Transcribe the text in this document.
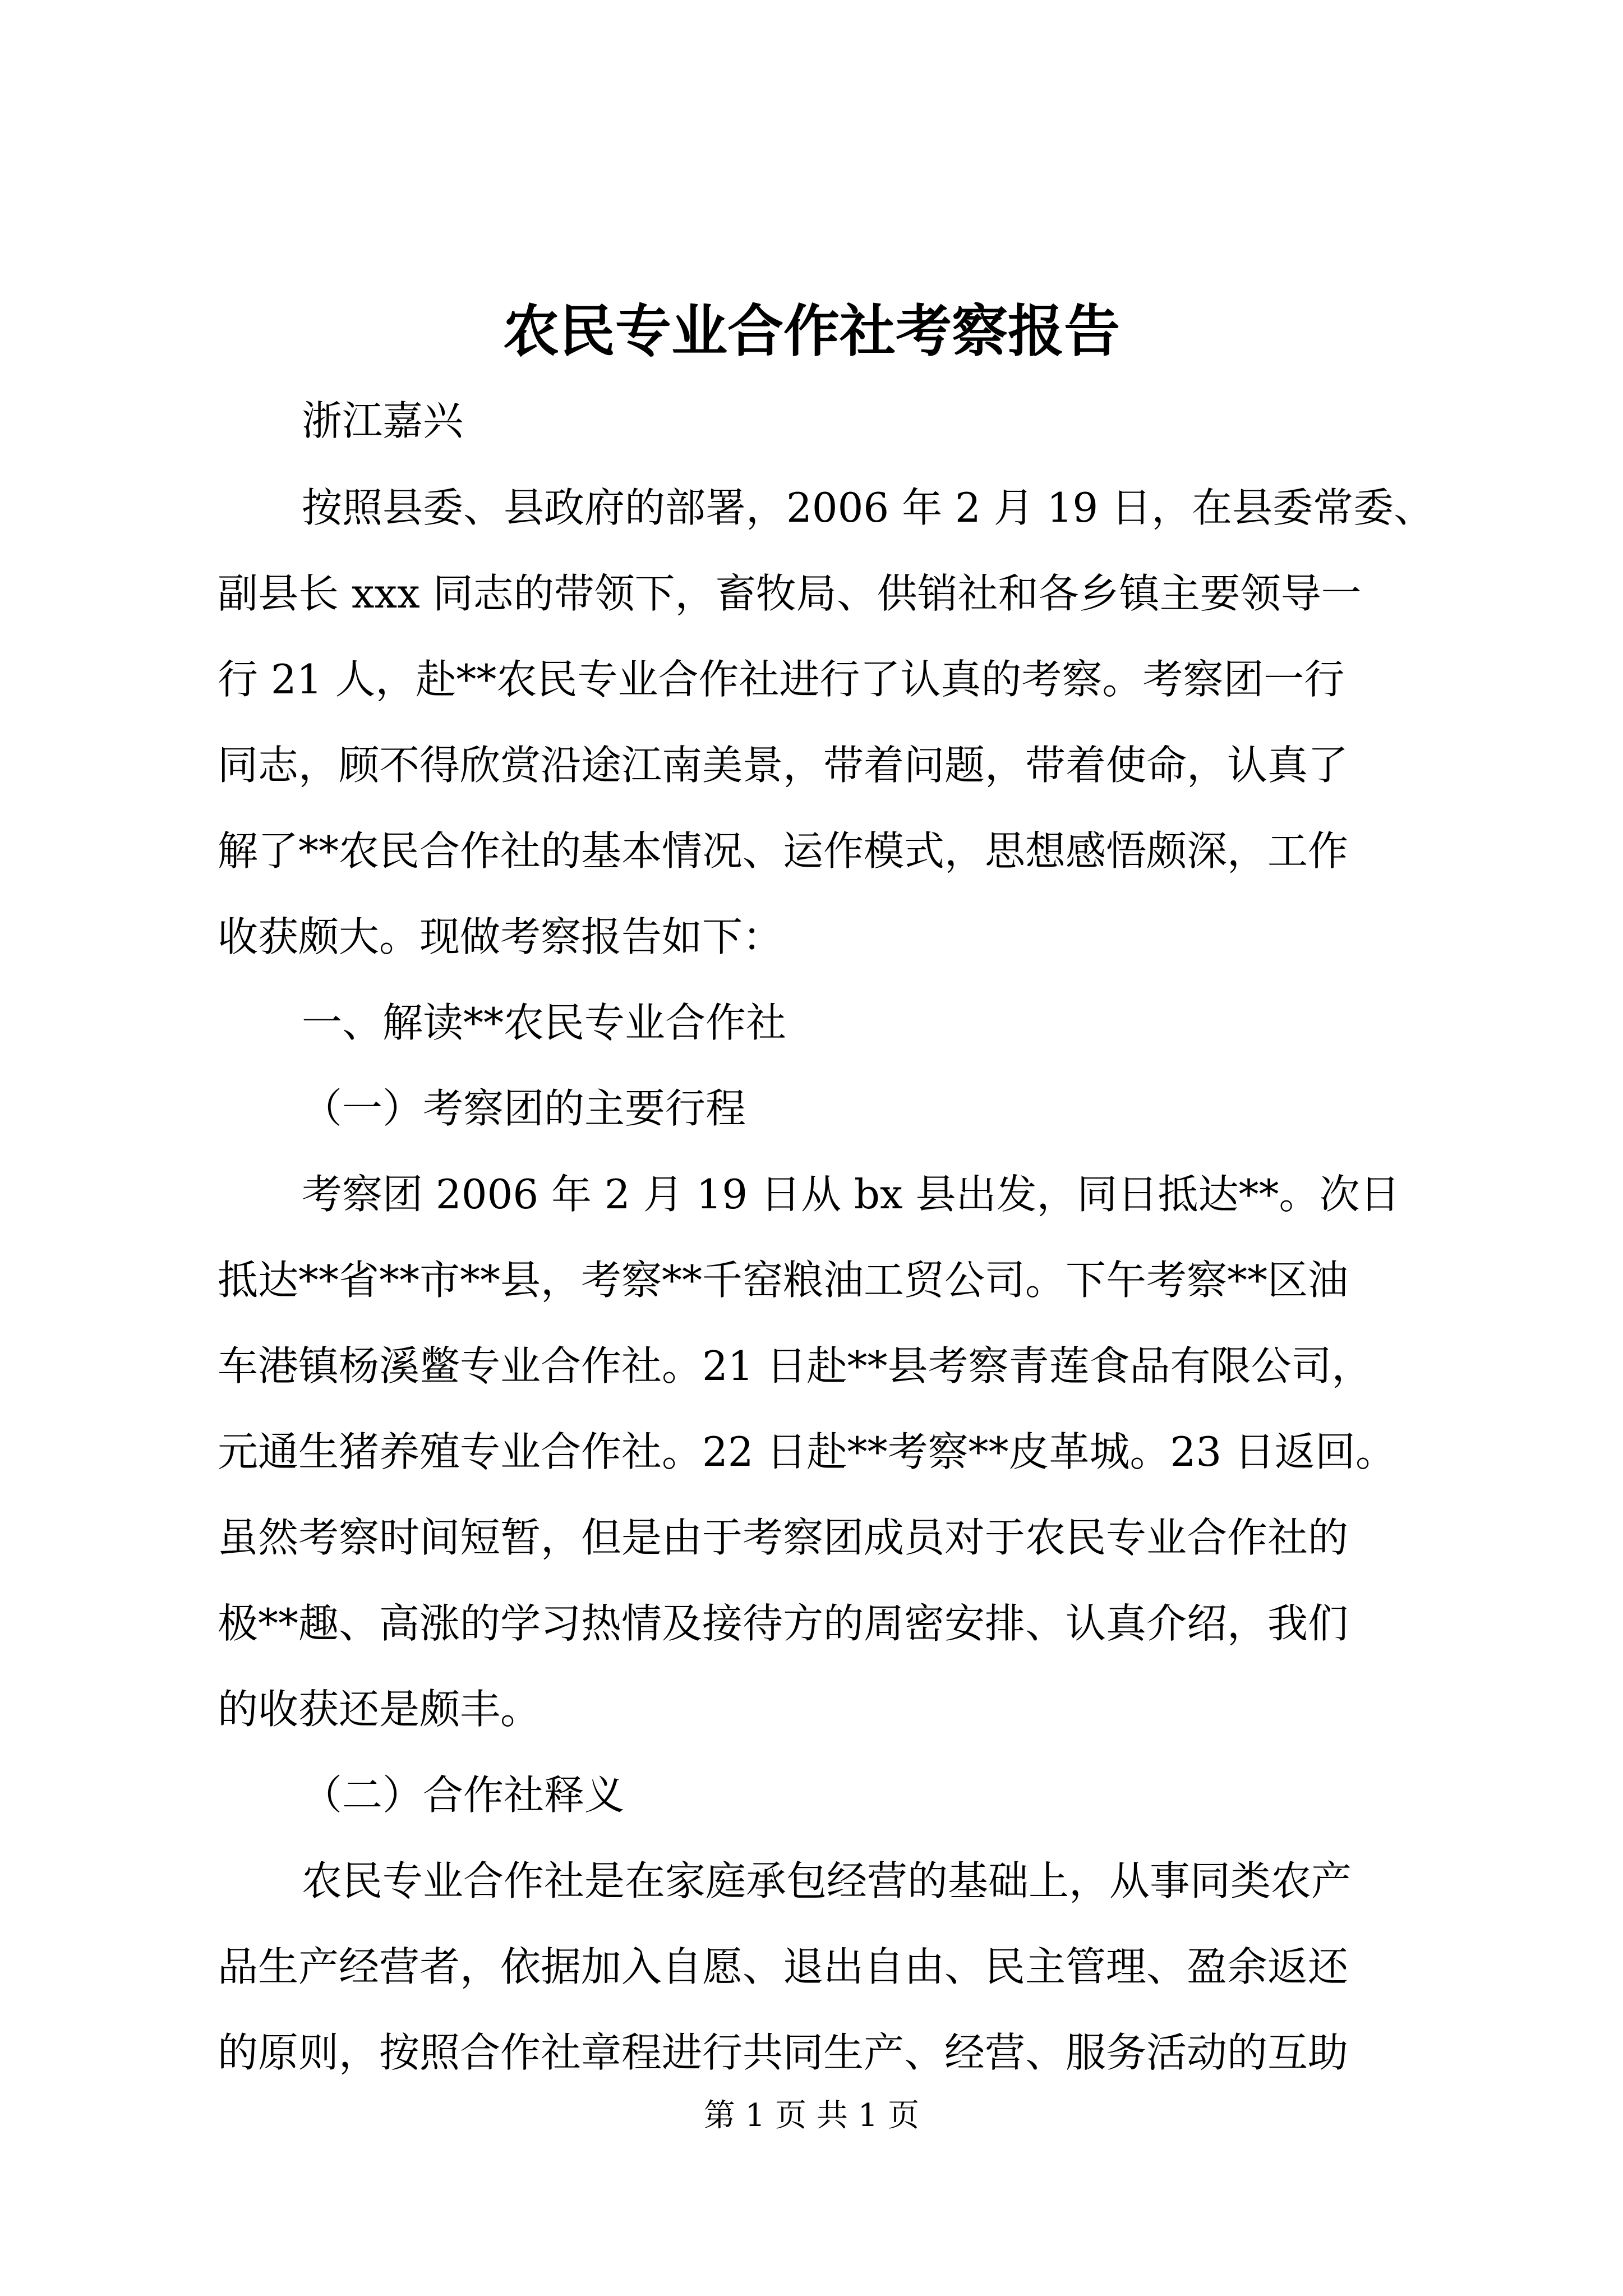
农民专业合作社考察报告

浙江嘉兴

按照县委、县政府的部署，2006 年 2 月 19 日，在县委常委、

副县长 xxx 同志的带领下，畜牧局、供销社和各乡镇主要领导一

行 21 人，赴**农民专业合作社进行了认真的考察。考察团一行

同志，顾不得欣赏沿途江南美景，带着问题，带着使命，认真了

解了**农民合作社的基本情况、运作模式，思想感悟颇深，工作

收获颇大。现做考察报告如下：

一、解读**农民专业合作社

（一）考察团的主要行程

考察团 2006 年 2 月 19 日从 bx 县出发，同日抵达**。次日

抵达**省**市**县，考察**千窑粮油工贸公司。下午考察**区油

车港镇杨溪鳖专业合作社。21 日赴**县考察青莲食品有限公司，

元通生猪养殖专业合作社。22 日赴**考察**皮革城。23 日返回。

虽然考察时间短暂，但是由于考察团成员对于农民专业合作社的

极**趣、高涨的学习热情及接待方的周密安排、认真介绍，我们

的收获还是颇丰。

（二）合作社释义

农民专业合作社是在家庭承包经营的基础上，从事同类农产

品生产经营者，依据加入自愿、退出自由、民主管理、盈余返还

的原则，按照合作社章程进行共同生产、经营、服务活动的互助

第 1 页 共 1 页
